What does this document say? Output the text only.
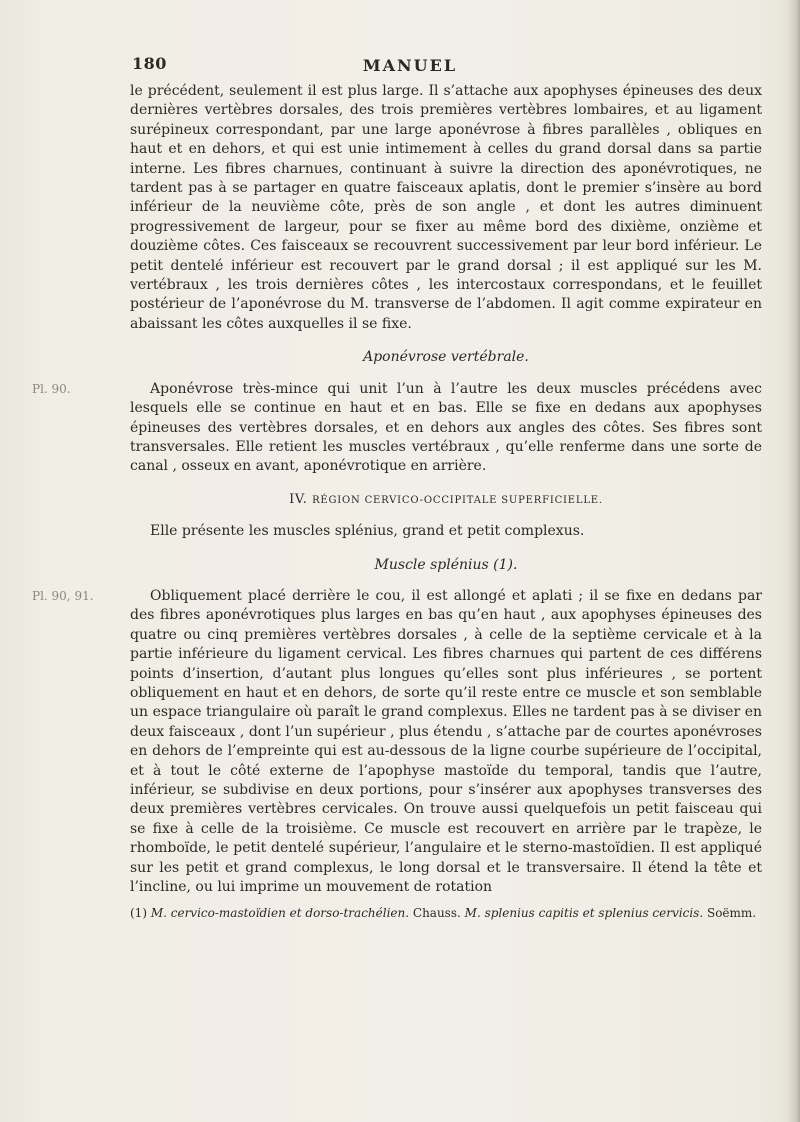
180	MANUEL

le précédent, seulement il est plus large. Il s’attache aux apophyses épineuses des deux dernières vertèbres dorsales, des trois premières vertèbres lombaires, et au ligament surépineux correspondant, par une large aponévrose à fibres parallèles , obliques en haut et en dehors, et qui est unie intimement à celles du grand dorsal dans sa partie interne. Les fibres charnues, continuant à suivre la direction des aponévrotiques, ne tardent pas à se partager en quatre faisceaux aplatis, dont le premier s’insère au bord inférieur de la neuvième côte, près de son angle , et dont les autres diminuent progressivement de largeur, pour se fixer au même bord des dixième, onzième et douzième côtes. Ces faisceaux se recouvrent successivement par leur bord inférieur. Le petit dentelé inférieur est recouvert par le grand dorsal ; il est appliqué sur les M. vertébraux , les trois dernières côtes , les intercostaux correspondans, et le feuillet postérieur de l’aponévrose du M. transverse de l’abdomen. Il agit comme expirateur en abaissant les côtes auxquelles il se fixe.

Aponévrose vertébrale.
Pl. 90.	Aponévrose très-mince qui unit l’un à l’autre les deux muscles précédens avec lesquels elle se continue en haut et en bas. Elle se fixe en dedans aux apophyses épineuses des vertèbres dorsales, et en dehors aux angles des côtes. Ses fibres sont transversales. Elle retient les muscles vertébraux , qu’elle renferme dans une sorte de canal , osseux en avant, aponévrotique en arrière.

IV. RÉGION CERVICO-OCCIPITALE SUPERFICIELLE.

Elle présente les muscles splénius, grand et petit complexus.

Muscle splénius (1).
Pl. 90, 91.	Obliquement placé derrière le cou, il est allongé et aplati ; il se fixe en dedans par des fibres aponévrotiques plus larges en bas qu’en haut , aux apophyses épineuses des quatre ou cinq premières vertèbres dorsales , à celle de la septième cervicale et à la partie inférieure du ligament cervical. Les fibres charnues qui partent de ces différens points d’insertion, d’autant plus longues qu’elles sont plus inférieures , se portent obliquement en haut et en dehors, de sorte qu’il reste entre ce muscle et son semblable un espace triangulaire où paraît le grand complexus. Elles ne tardent pas à se diviser en deux faisceaux , dont l’un supérieur , plus étendu , s’attache par de courtes aponévroses en dehors de l’empreinte qui est au-dessous de la ligne courbe supérieure de l’occipital, et à tout le côté externe de l’apophyse mastoïde du temporal, tandis que l’autre, inférieur, se subdivise en deux portions, pour s’insérer aux apophyses transverses des deux premières vertèbres cervicales. On trouve aussi quelquefois un petit faisceau qui se fixe à celle de la troisième. Ce muscle est recouvert en arrière par le trapèze, le rhomboïde, le petit dentelé supérieur, l’angulaire et le sterno-mastoïdien. Il est appliqué sur les petit et grand complexus, le long dorsal et le transversaire. Il étend la tête et l’incline, ou lui imprime un mouvement de rotation

(1) M. cervico-mastoïdien et dorso-trachélien. Chauss. M. splenius capitis et splenius cervicis. Soëmm.
